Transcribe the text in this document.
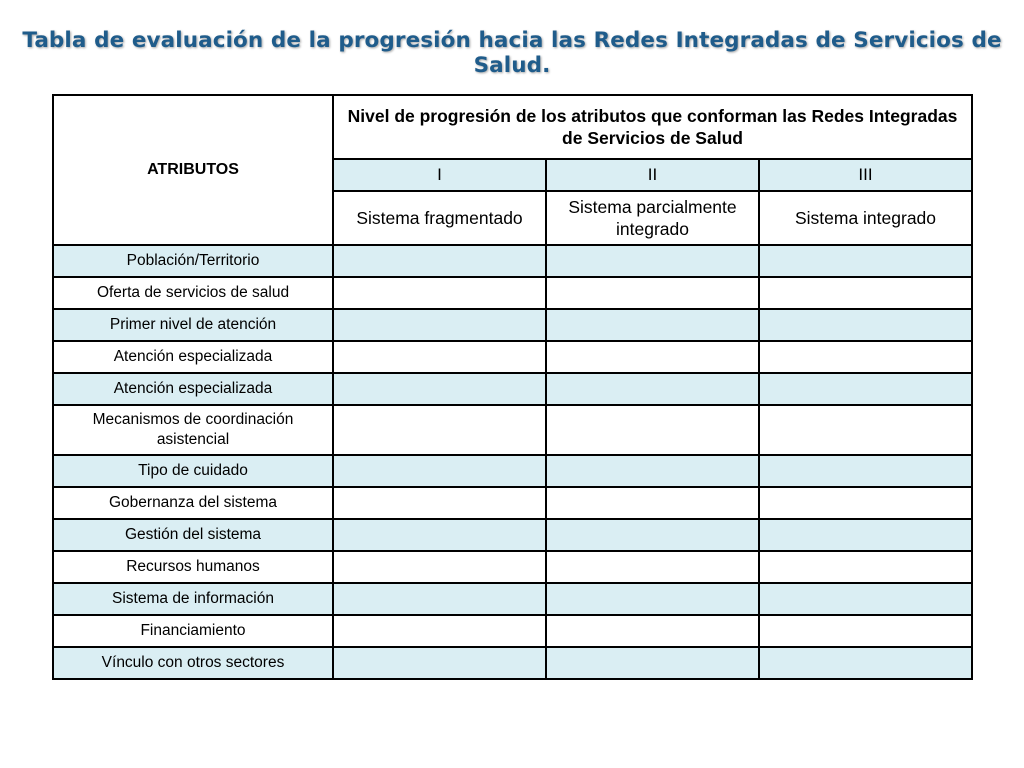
Tabla de evaluación de la progresión hacia las Redes Integradas de Servicios de Salud.
ATRIBUTOS	Nivel de progresión de los atributos que conforman las Redes Integradas de Servicios de Salud		
	I	II	III
	Sistema fragmentado	Sistema parcialmente integrado	Sistema integrado
Población/Territorio			
Oferta de servicios de salud			
Primer nivel de atención			
Atención especializada			
Atención especializada			
Mecanismos de coordinación asistencial			
Tipo de cuidado			
Gobernanza del sistema			
Gestión del sistema			
Recursos humanos			
Sistema de información			
Financiamiento			
Vínculo con otros sectores			
